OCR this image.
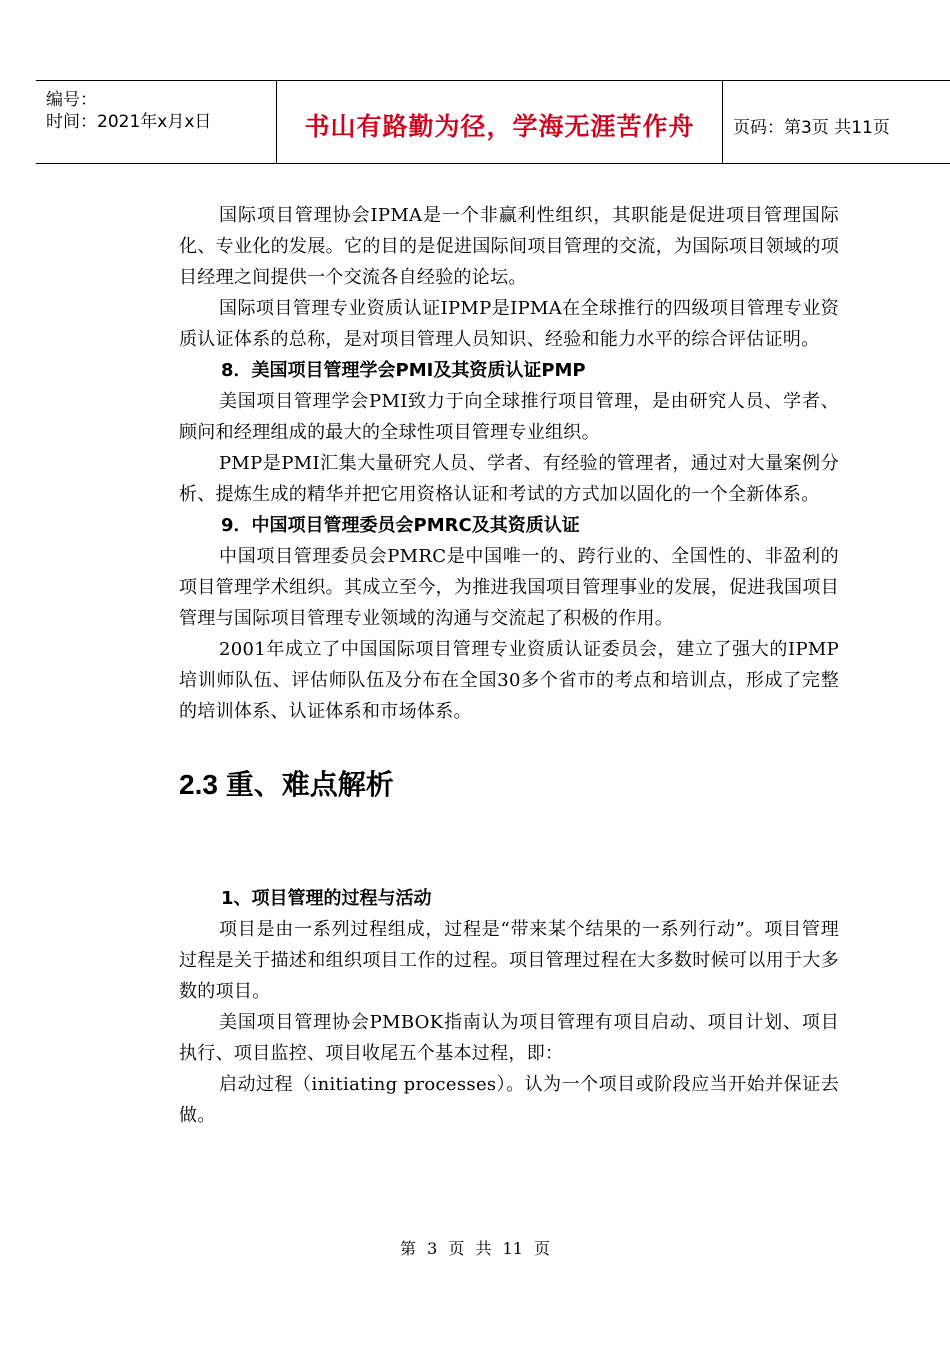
编号：
时间：2021年x月x日	书山有路勤为径，学海无涯苦作舟	页码：第3页 共11页

国际项目管理协会IPMA是一个非赢利性组织，其职能是促进项目管理国际化、专业化的发展。它的目的是促进国际间项目管理的交流，为国际项目领域的项目经理之间提供一个交流各自经验的论坛。

国际项目管理专业资质认证IPMP是IPMA在全球推行的四级项目管理专业资质认证体系的总称，是对项目管理人员知识、经验和能力水平的综合评估证明。

8．美国项目管理学会PMI及其资质认证PMP

美国项目管理学会PMI致力于向全球推行项目管理，是由研究人员、学者、顾问和经理组成的最大的全球性项目管理专业组织。

PMP是PMI汇集大量研究人员、学者、有经验的管理者，通过对大量案例分析、提炼生成的精华并把它用资格认证和考试的方式加以固化的一个全新体系。

9．中国项目管理委员会PMRC及其资质认证

中国项目管理委员会PMRC是中国唯一的、跨行业的、全国性的、非盈利的项目管理学术组织。其成立至今，为推进我国项目管理事业的发展，促进我国项目管理与国际项目管理专业领域的沟通与交流起了积极的作用。

2001年成立了中国国际项目管理专业资质认证委员会，建立了强大的IPMP培训师队伍、评估师队伍及分布在全国30多个省市的考点和培训点，形成了完整的培训体系、认证体系和市场体系。

2.3 重、难点解析

1、项目管理的过程与活动

项目是由一系列过程组成，过程是“带来某个结果的一系列行动”。项目管理过程是关于描述和组织项目工作的过程。项目管理过程在大多数时候可以用于大多数的项目。

美国项目管理协会PMBOK指南认为项目管理有项目启动、项目计划、项目执行、项目监控、项目收尾五个基本过程，即：

启动过程（initiating processes）。认为一个项目或阶段应当开始并保证去做。

第 3 页 共 11 页
